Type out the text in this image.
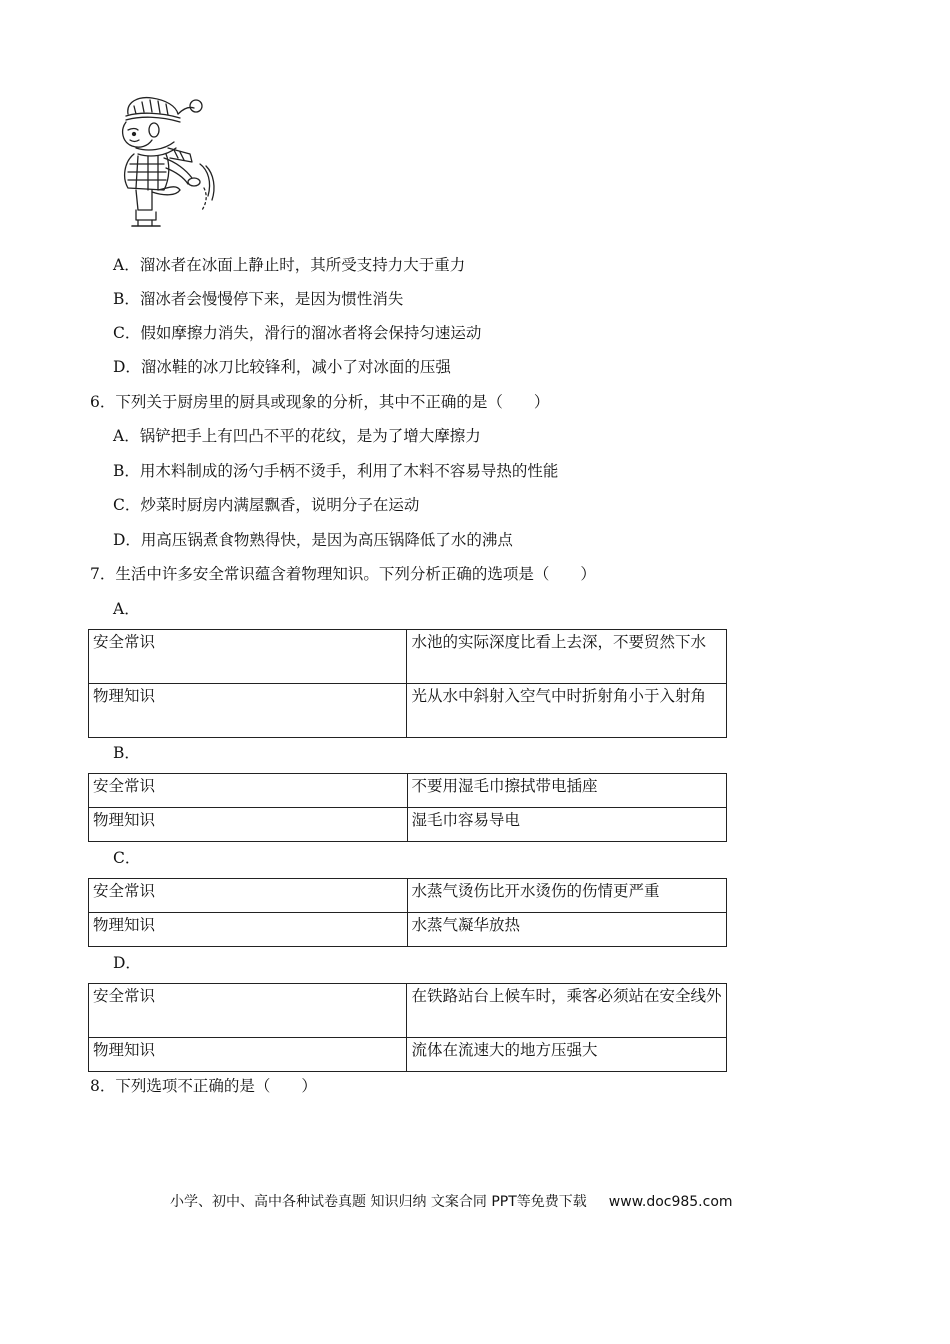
A．溜冰者在冰面上静止时，其所受支持力大于重力
B．溜冰者会慢慢停下来，是因为惯性消失
C．假如摩擦力消失，滑行的溜冰者将会保持匀速运动
D．溜冰鞋的冰刀比较锋利，减小了对冰面的压强
6．下列关于厨房里的厨具或现象的分析，其中不正确的是（　　）
A．锅铲把手上有凹凸不平的花纹，是为了增大摩擦力
B．用木料制成的汤勺手柄不烫手，利用了木料不容易导热的性能
C．炒菜时厨房内满屋飘香，说明分子在运动
D．用高压锅煮食物熟得快，是因为高压锅降低了水的沸点
7．生活中许多安全常识蕴含着物理知识。下列分析正确的选项是（　　）
A．
安全常识	水池的实际深度比看上去深，不要贸然下水
物理知识	光从水中斜射入空气中时折射角小于入射角
B．
安全常识	不要用湿毛巾擦拭带电插座
物理知识	湿毛巾容易导电
C．
安全常识	水蒸气烫伤比开水烫伤的伤情更严重
物理知识	水蒸气凝华放热
D．
安全常识	在铁路站台上候车时，乘客必须站在安全线外
物理知识	流体在流速大的地方压强大
8．下列选项不正确的是（　　）
小学、初中、高中各种试卷真题 知识归纳 文案合同 PPT等免费下载 www.doc985.com
